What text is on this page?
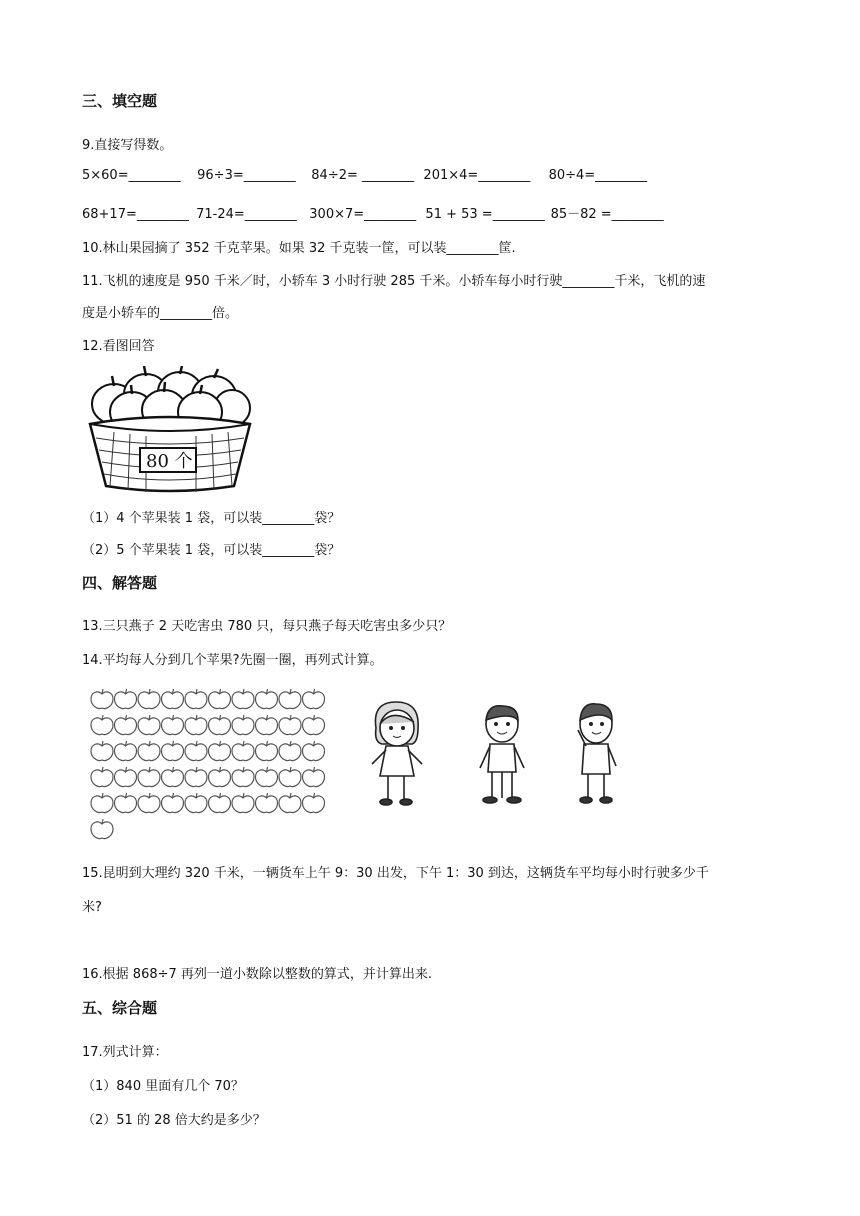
三、填空题
9.直接写得数。
5×60=________ 96÷3=________ 84÷2= ________ 201×4=________ 80÷4=________
68+17=________ 71-24=________ 300×7=________ 51 + 53 =________ 85－82 =________
10.林山果园摘了 352 千克苹果。如果 32 千克装一筐，可以装________筐.
11.飞机的速度是 950 千米／时，小轿车 3 小时行驶 285 千米。小轿车每小时行驶________千米，飞机的速
度是小轿车的________倍。
12.看图回答
80 个
（1）4 个苹果装 1 袋，可以装________袋？
（2）5 个苹果装 1 袋，可以装________袋？
四、解答题
13.三只燕子 2 天吃害虫 780 只，每只燕子每天吃害虫多少只？
14.平均每人分到几个苹果?先圈一圈，再列式计算。
15.昆明到大理约 320 千米，一辆货车上午 9：30 出发，下午 1：30 到达，这辆货车平均每小时行驶多少千
米?
16.根据 868÷7 再列一道小数除以整数的算式，并计算出来.
五、综合题
17.列式计算：
（1）840 里面有几个 70？
（2）51 的 28 倍大约是多少？
